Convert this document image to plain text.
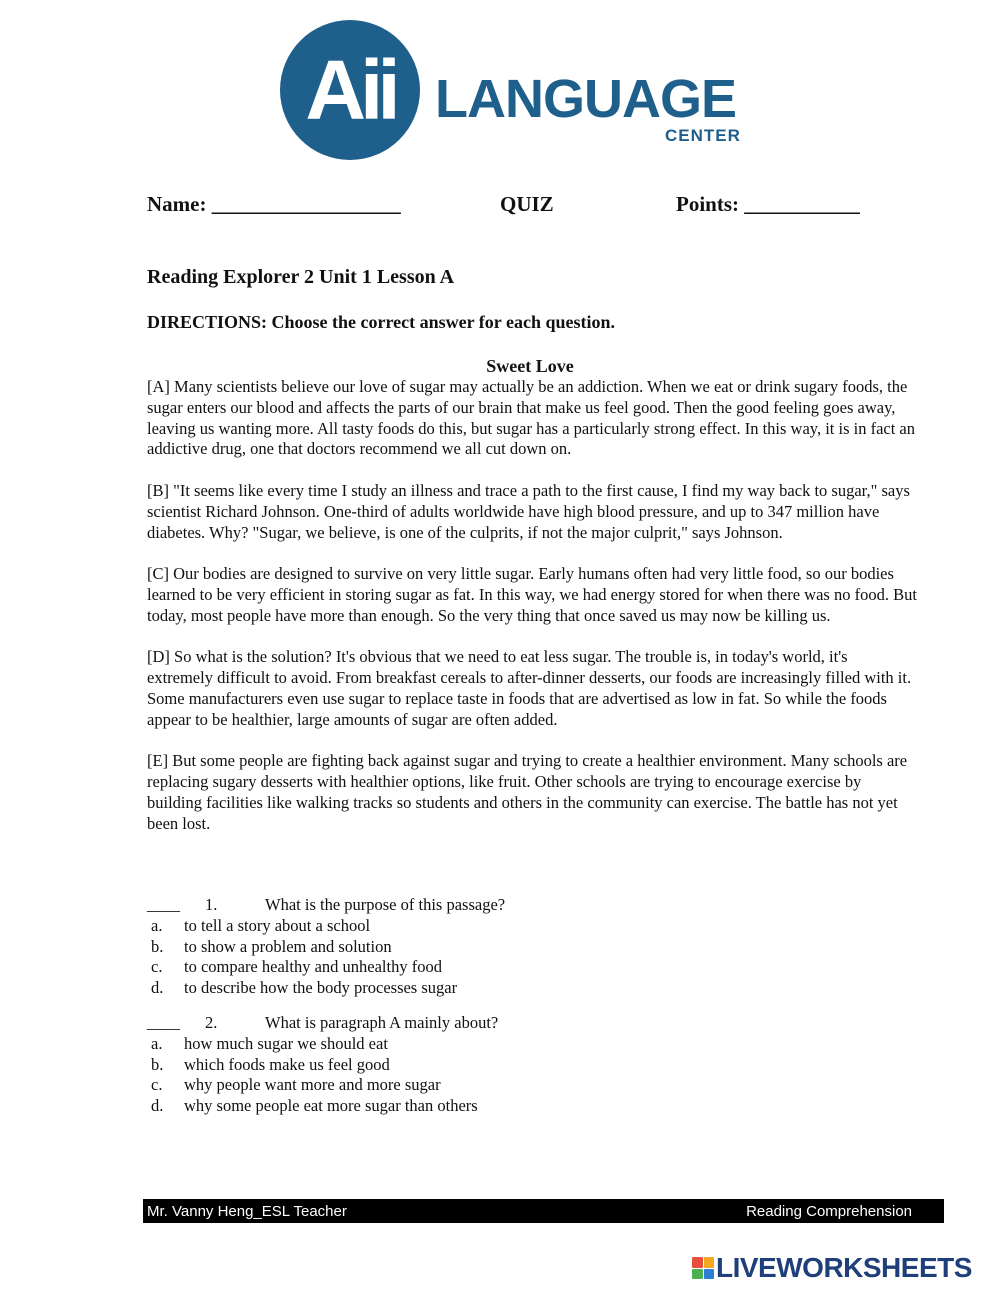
Aii LANGUAGE
CENTER
Name: __________________	QUIZ	Points: ___________
Reading Explorer 2 Unit 1 Lesson A
DIRECTIONS: Choose the correct answer for each question.
Sweet Love

[A] Many scientists believe our love of sugar may actually be an addiction. When we eat or drink sugary foods, the sugar enters our blood and affects the parts of our brain that make us feel good. Then the good feeling goes away, leaving us wanting more. All tasty foods do this, but sugar has a particularly strong effect. In this way, it is in fact an addictive drug, one that doctors recommend we all cut down on.

[B] "It seems like every time I study an illness and trace a path to the first cause, I find my way back to sugar," says scientist Richard Johnson. One-third of adults worldwide have high blood pressure, and up to 347 million have diabetes. Why? "Sugar, we believe, is one of the culprits, if not the major culprit," says Johnson.

[C] Our bodies are designed to survive on very little sugar. Early humans often had very little food, so our bodies learned to be very efficient in storing sugar as fat. In this way, we had energy stored for when there was no food. But today, most people have more than enough. So the very thing that once saved us may now be killing us.

[D] So what is the solution? It's obvious that we need to eat less sugar. The trouble is, in today's world, it's extremely difficult to avoid. From breakfast cereals to after-dinner desserts, our foods are increasingly filled with it. Some manufacturers even use sugar to replace taste in foods that are advertised as low in fat. So while the foods appear to be healthier, large amounts of sugar are often added.

[E] But some people are fighting back against sugar and trying to create a healthier environment. Many schools are replacing sugary desserts with healthier options, like fruit. Other schools are trying to encourage exercise by building facilities like walking tracks so students and others in the community can exercise. The battle has not yet been lost.

____	1.	What is the purpose of this passage?
a.	to tell a story about a school
b.	to show a problem and solution
c.	to compare healthy and unhealthy food
d.	to describe how the body processes sugar
____	2.	What is paragraph A mainly about?
a.	how much sugar we should eat
b.	which foods make us feel good
c.	why people want more and more sugar
d.	why some people eat more sugar than others
Mr. Vanny Heng_ESL Teacher	Reading Comprehension
LIVEWORKSHEETS
